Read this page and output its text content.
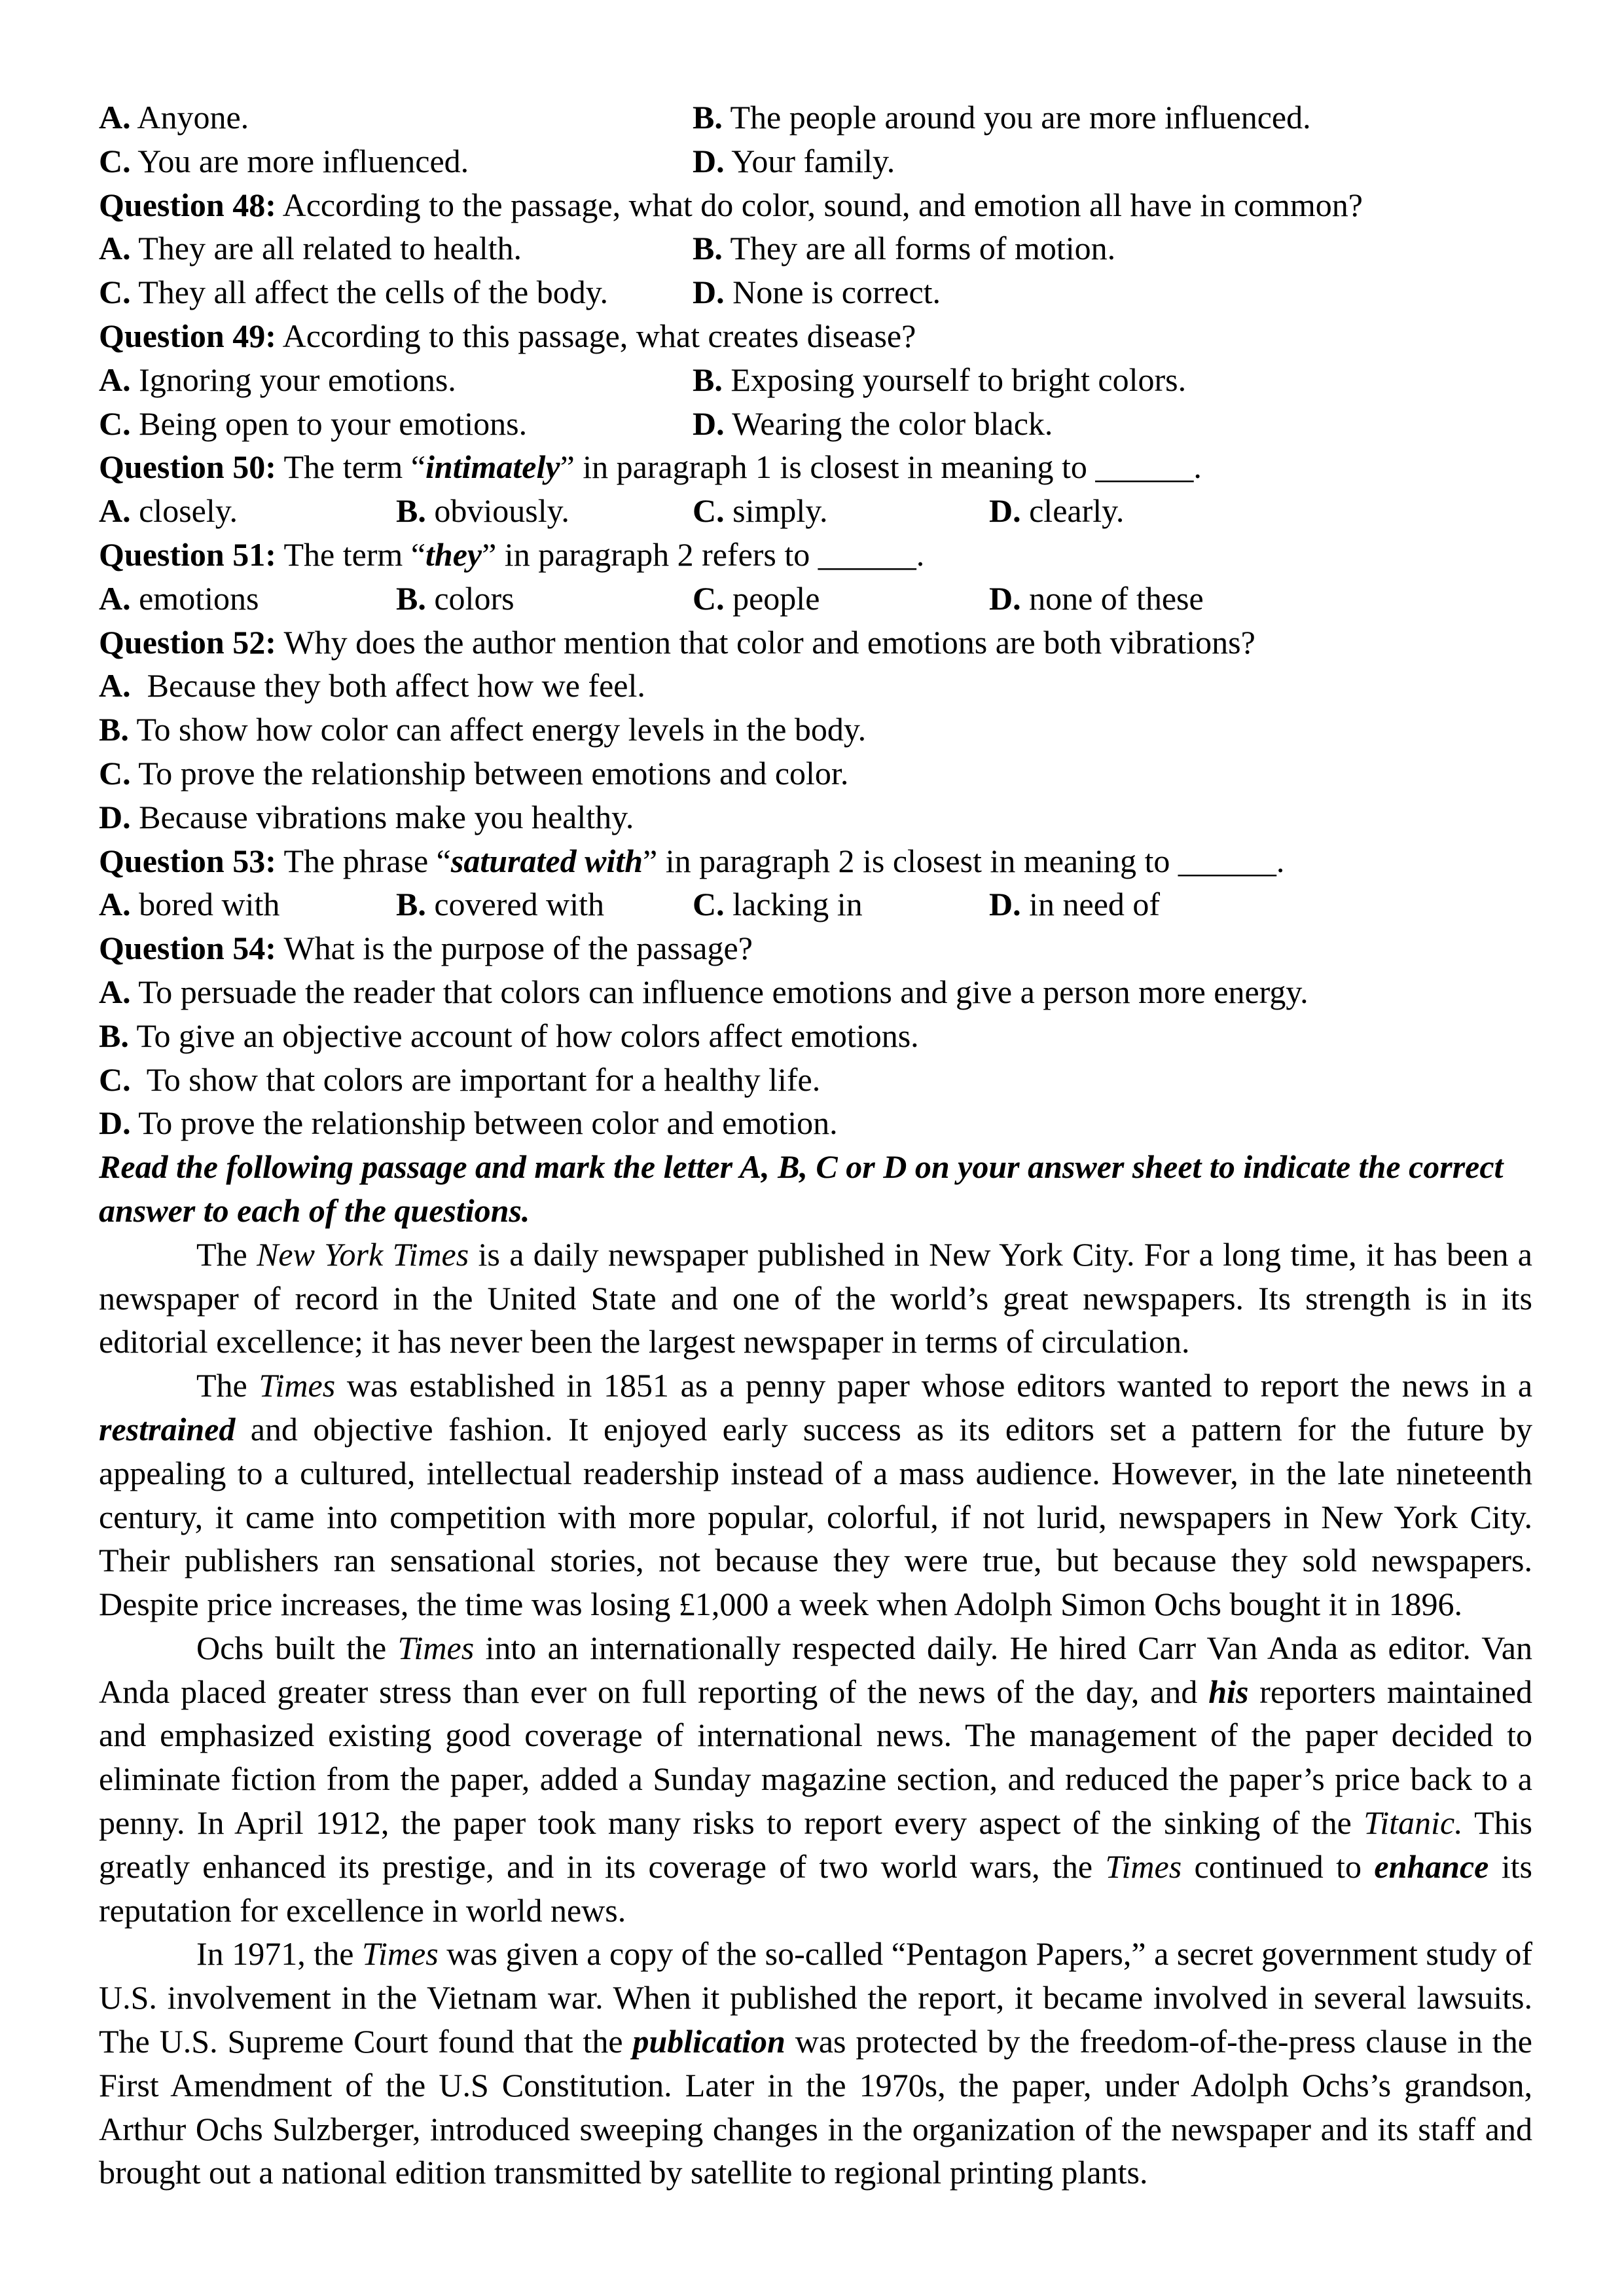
A. Anyone.	B. The people around you are more influenced.
C. You are more influenced.	D. Your family.
Question 48: According to the passage, what do color, sound, and emotion all have in common?
A. They are all related to health.	B. They are all forms of motion.
C. They all affect the cells of the body.	D. None is correct.
Question 49: According to this passage, what creates disease?
A. Ignoring your emotions.	B. Exposing yourself to bright colors.
C. Being open to your emotions.	D. Wearing the color black.
Question 50: The term “intimately” in paragraph 1 is closest in meaning to ______.
A. closely.	B. obviously.	C. simply.	D. clearly.
Question 51: The term “they” in paragraph 2 refers to ______.
A. emotions	B. colors	C. people	D. none of these
Question 52: Why does the author mention that color and emotions are both vibrations?
A.  Because they both affect how we feel.
B. To show how color can affect energy levels in the body.
C. To prove the relationship between emotions and color.
D. Because vibrations make you healthy.
Question 53: The phrase “saturated with” in paragraph 2 is closest in meaning to ______.
A. bored with	B. covered with	C. lacking in	D. in need of
Question 54: What is the purpose of the passage?
A. To persuade the reader that colors can influence emotions and give a person more energy.
B. To give an objective account of how colors affect emotions.
C.  To show that colors are important for a healthy life.
D. To prove the relationship between color and emotion.
Read the following passage and mark the letter A, B, C or D on your answer sheet to indicate the correct answer to each of the questions.
The New York Times is a daily newspaper published in New York City. For a long time, it has been a newspaper of record in the United State and one of the world’s great newspapers. Its strength is in its editorial excellence; it has never been the largest newspaper in terms of circulation.
The Times was established in 1851 as a penny paper whose editors wanted to report the news in a restrained and objective fashion. It enjoyed early success as its editors set a pattern for the future by appealing to a cultured, intellectual readership instead of a mass audience. However, in the late nineteenth century, it came into competition with more popular, colorful, if not lurid, newspapers in New York City. Their publishers ran sensational stories, not because they were true, but because they sold newspapers. Despite price increases, the time was losing £1,000 a week when Adolph Simon Ochs bought it in 1896.
Ochs built the Times into an internationally respected daily. He hired Carr Van Anda as editor. Van Anda placed greater stress than ever on full reporting of the news of the day, and his reporters maintained and emphasized existing good coverage of international news. The management of the paper decided to eliminate fiction from the paper, added a Sunday magazine section, and reduced the paper’s price back to a penny. In April 1912, the paper took many risks to report every aspect of the sinking of the Titanic. This greatly enhanced its prestige, and in its coverage of two world wars, the Times continued to enhance its reputation for excellence in world news.
In 1971, the Times was given a copy of the so-called “Pentagon Papers,” a secret government study of U.S. involvement in the Vietnam war. When it published the report, it became involved in several lawsuits. The U.S. Supreme Court found that the publication was protected by the freedom-of-the-press clause in the First Amendment of the U.S Constitution. Later in the 1970s, the paper, under Adolph Ochs’s grandson, Arthur Ochs Sulzberger, introduced sweeping changes in the organization of the newspaper and its staff and brought out a national edition transmitted by satellite to regional printing plants.
